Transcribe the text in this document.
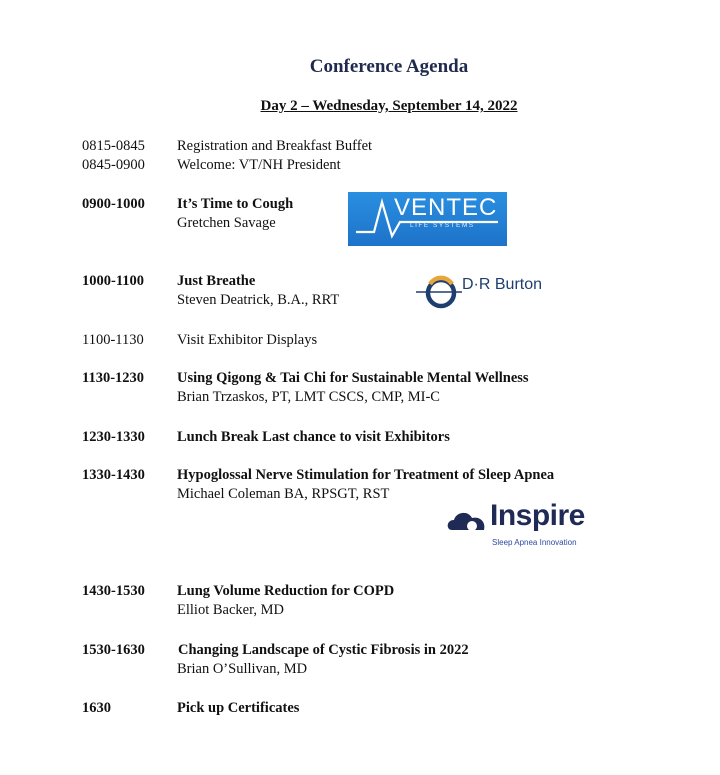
Conference Agenda
Day 2 – Wednesday, September 14, 2022
0815-0845 Registration and Breakfast Buffet
0845-0900 Welcome: VT/NH President
0900-1000 It’s Time to Cough
Gretchen Savage
1000-1100 Just Breathe
Steven Deatrick, B.A., RRT
1100-1130 Visit Exhibitor Displays
1130-1230 Using Qigong & Tai Chi for Sustainable Mental Wellness
Brian Trzaskos, PT, LMT CSCS, CMP, MI-C
1230-1330 Lunch Break Last chance to visit Exhibitors
1330-1430 Hypoglossal Nerve Stimulation for Treatment of Sleep Apnea
Michael Coleman BA, RPSGT, RST
1430-1530 Lung Volume Reduction for COPD
Elliot Backer, MD
1530-1630 Changing Landscape of Cystic Fibrosis in 2022
Brian O’Sullivan, MD
1630	Pick up Certificates
VENTEC
LIFE SYSTEMS
D·R Burton
Inspire
Sleep Apnea Innovation
